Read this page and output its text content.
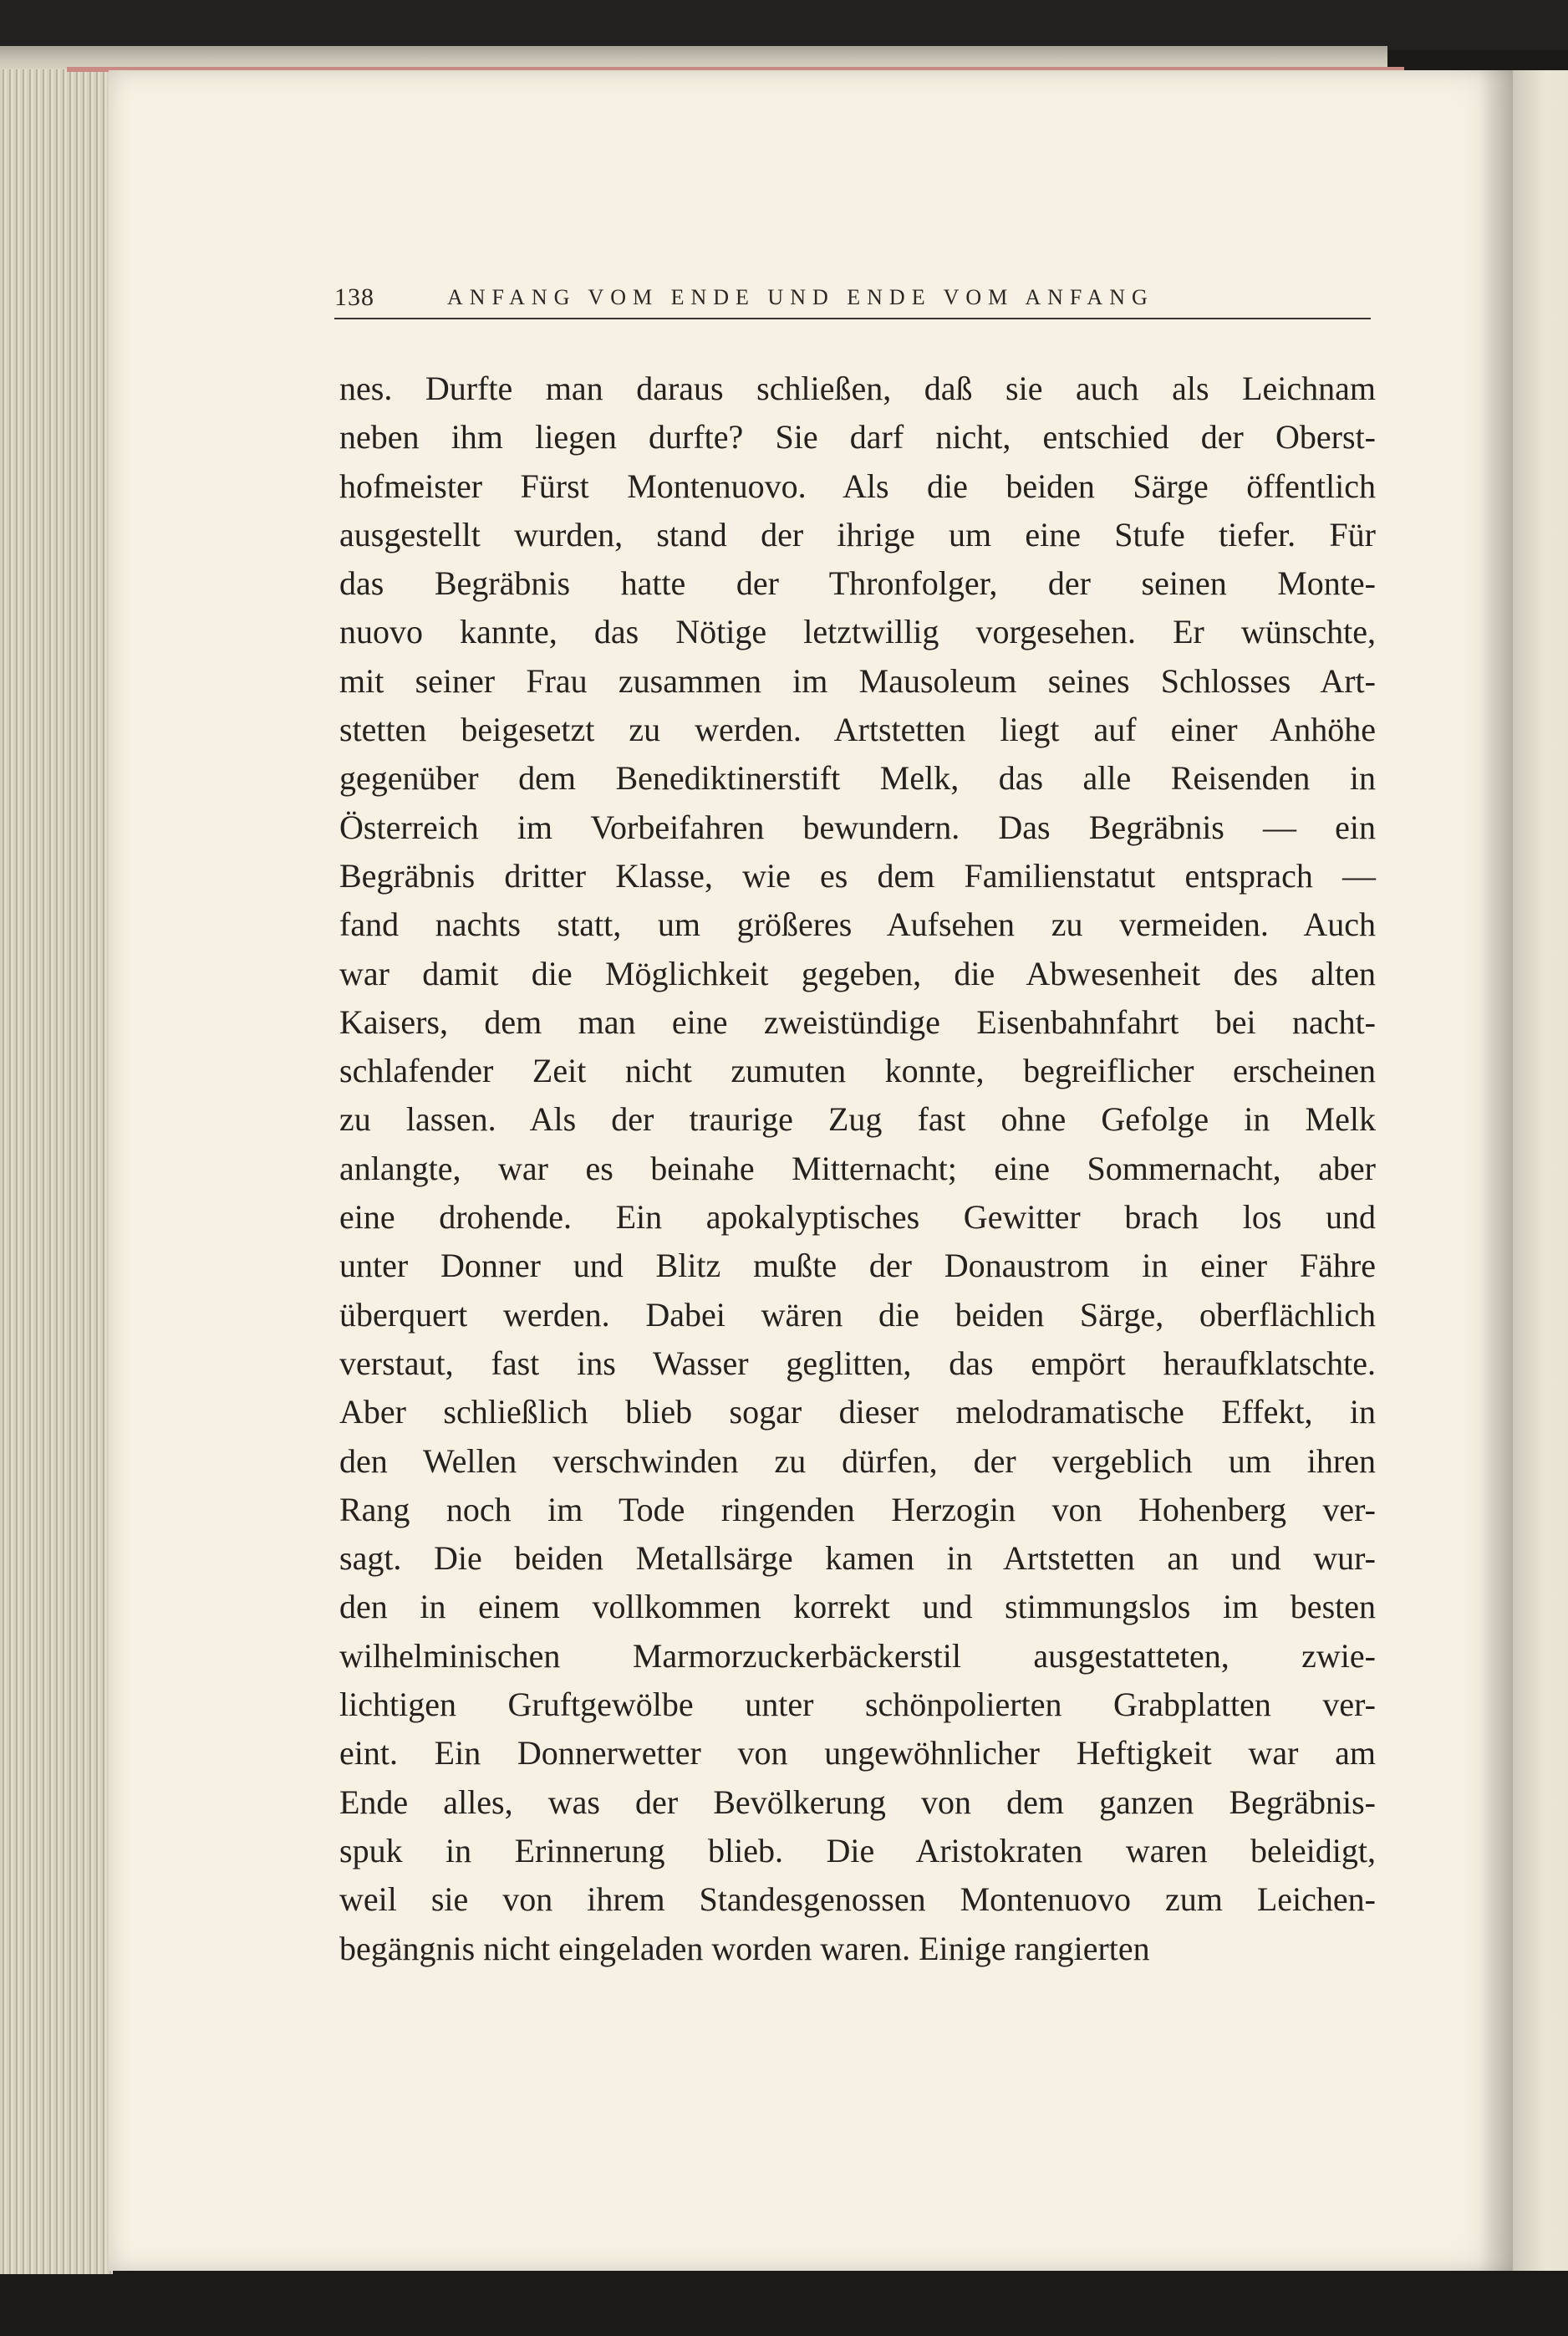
138	ANFANG VOM ENDE UND ENDE VOM ANFANG
nes. Durfte man daraus schließen, daß sie auch als Leichnam
neben ihm liegen durfte? Sie darf nicht, entschied der Oberst-
hofmeister Fürst Montenuovo. Als die beiden Särge öffentlich
ausgestellt wurden, stand der ihrige um eine Stufe tiefer. Für
das Begräbnis hatte der Thronfolger, der seinen Monte-
nuovo kannte, das Nötige letztwillig vorgesehen. Er wünschte,
mit seiner Frau zusammen im Mausoleum seines Schlosses Art-
stetten beigesetzt zu werden. Artstetten liegt auf einer Anhöhe
gegenüber dem Benediktinerstift Melk, das alle Reisenden in
Österreich im Vorbeifahren bewundern. Das Begräbnis — ein
Begräbnis dritter Klasse, wie es dem Familienstatut entsprach —
fand nachts statt, um größeres Aufsehen zu vermeiden. Auch
war damit die Möglichkeit gegeben, die Abwesenheit des alten
Kaisers, dem man eine zweistündige Eisenbahnfahrt bei nacht-
schlafender Zeit nicht zumuten konnte, begreiflicher erscheinen
zu lassen. Als der traurige Zug fast ohne Gefolge in Melk
anlangte, war es beinahe Mitternacht; eine Sommernacht, aber
eine drohende. Ein apokalyptisches Gewitter brach los und
unter Donner und Blitz mußte der Donaustrom in einer Fähre
überquert werden. Dabei wären die beiden Särge, oberflächlich
verstaut, fast ins Wasser geglitten, das empört heraufklatschte.
Aber schließlich blieb sogar dieser melodramatische Effekt, in
den Wellen verschwinden zu dürfen, der vergeblich um ihren
Rang noch im Tode ringenden Herzogin von Hohenberg ver-
sagt. Die beiden Metallsärge kamen in Artstetten an und wur-
den in einem vollkommen korrekt und stimmungslos im besten
wilhelminischen Marmorzuckerbäckerstil ausgestatteten, zwie-
lichtigen Gruftgewölbe unter schönpolierten Grabplatten ver-
eint. Ein Donnerwetter von ungewöhnlicher Heftigkeit war am
Ende alles, was der Bevölkerung von dem ganzen Begräbnis-
spuk in Erinnerung blieb. Die Aristokraten waren beleidigt,
weil sie von ihrem Standesgenossen Montenuovo zum Leichen-
begängnis nicht eingeladen worden waren. Einige rangierten
